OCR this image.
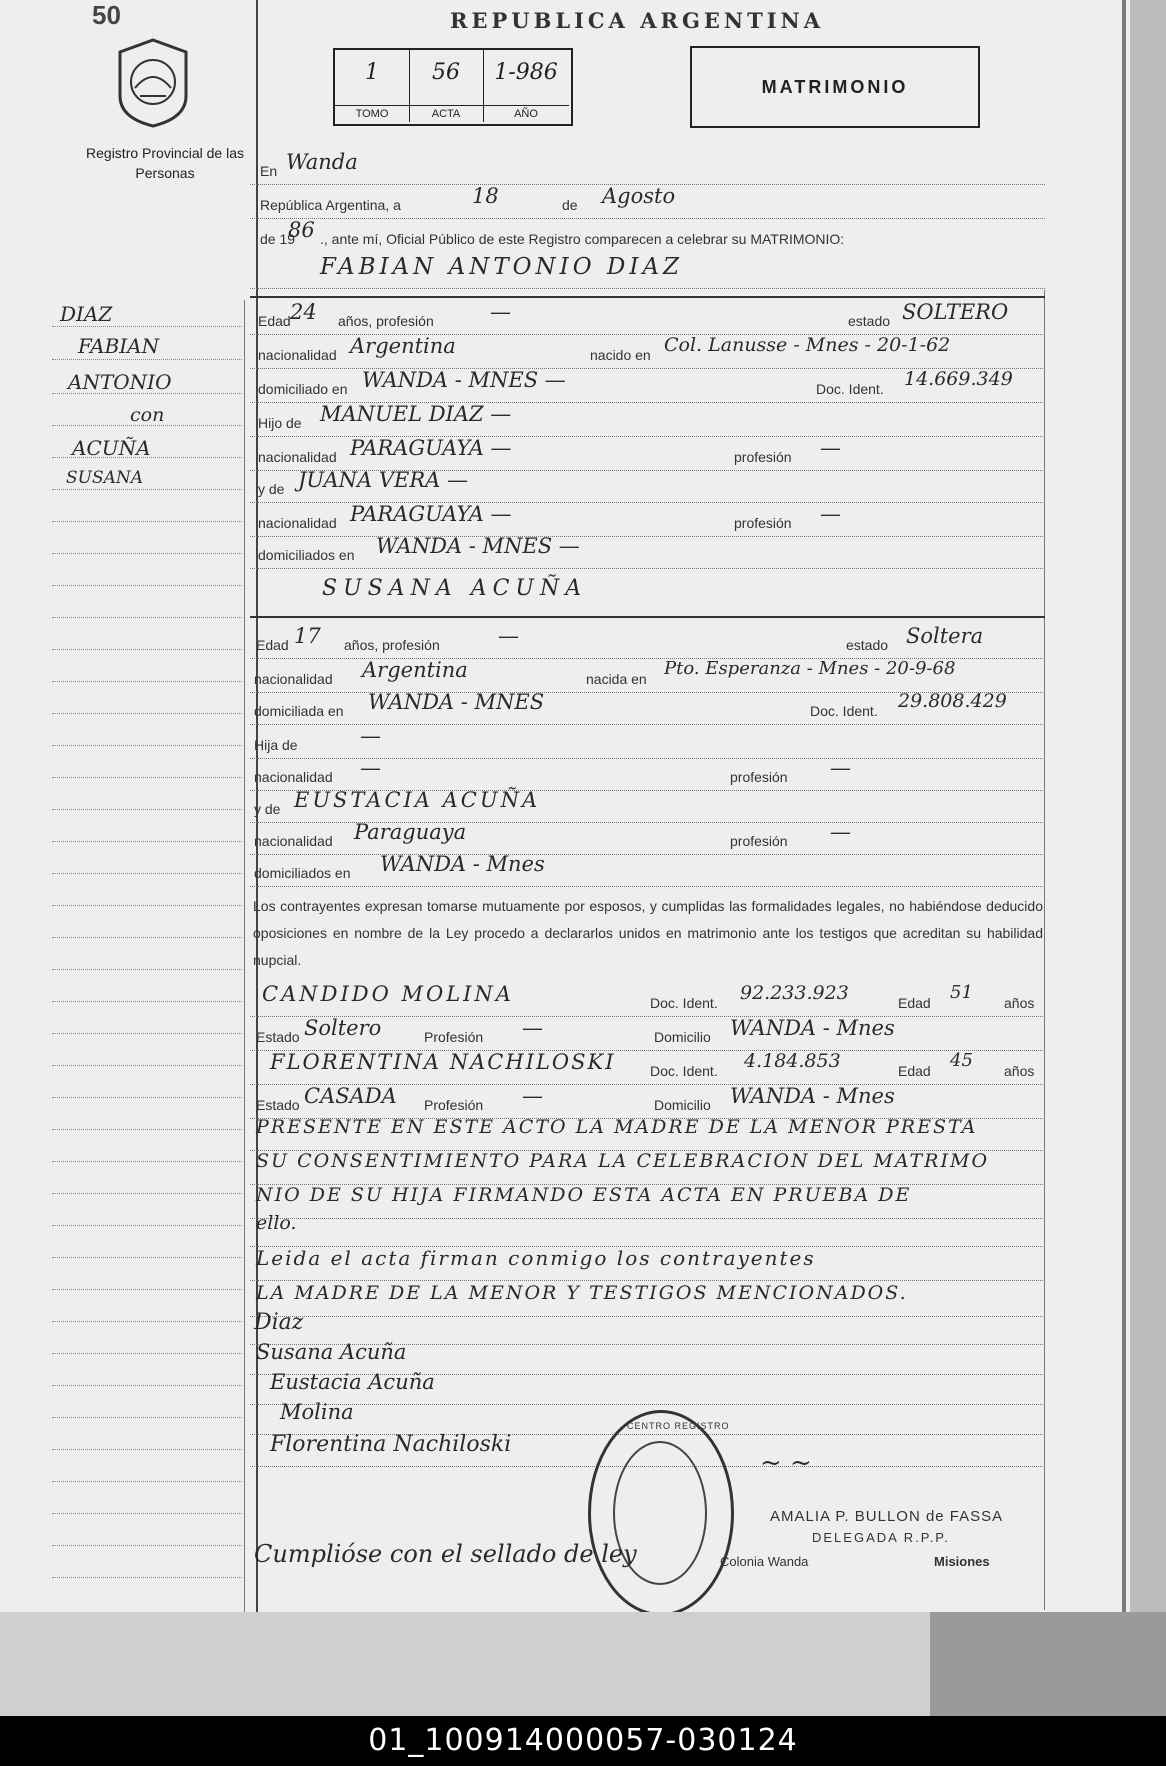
50
Registro Provincial de las Personas
REPUBLICA ARGENTINA
1
TOMO
56
ACTA
1-986
AÑO
MATRIMONIO
En Wanda
República Argentina, a	18	de Agosto
de 19
86 ., ante mí, Oficial Público de este Registro comparecen a celebrar su MATRIMONIO:
FABIAN ANTONIO DIAZ
DIAZ
FABIAN
ANTONIO
con
ACUÑA
SUSANA
Edad 24 años, profesión	—	estado SOLTERO
nacionalidad Argentina	nacido en Col. Lanusse - Mnes - 20-1-62
domiciliado en WANDA - MNES —	Doc. Ident. 14.669.349
Hijo de MANUEL DIAZ —
nacionalidad PARAGUAYA —	profesión —
y de JUANA VERA —
nacionalidad PARAGUAYA —	profesión —
domiciliados en WANDA - MNES —
SUSANA ACUÑA
Edad 17 años, profesión	—	estado Soltera
nacionalidad Argentina	nacida en Pto. Esperanza - Mnes - 20-9-68
domiciliada en WANDA - MNES	Doc. Ident. 29.808.429
Hija de	—
nacionalidad —	profesión —
y de EUSTACIA ACUÑA
nacionalidad Paraguaya	profesión —
domiciliados en WANDA - Mnes
Los contrayentes expresan tomarse mutuamente por esposos, y cumplidas las formalidades legales, no habiéndose deducido oposiciones en nombre de la Ley procedo a declararlos unidos en matrimonio ante los testigos que acreditan su habilidad nupcial.
CANDIDO MOLINA	Doc. Ident. 92.233.923	Edad 51 años
Estado Soltero	Profesión —	Domicilio WANDA - Mnes
FLORENTINA NACHILOSKI Doc. Ident. 4.184.853	Edad 45 años
Estado CASADA Profesión —	Domicilio WANDA - Mnes
PRESENTE EN ESTE ACTO LA MADRE DE LA MENOR PRESTA
SU CONSENTIMIENTO PARA LA CELEBRACION DEL MATRIMO
NIO DE SU HIJA FIRMANDO ESTA ACTA EN PRUEBA DE
ello.
Leida el acta firman conmigo los contrayentes
LA MADRE DE LA MENOR Y TESTIGOS MENCIONADOS.
Diaz
Susana Acuña
Eustacia Acuña
Molina
Florentina Nachiloski
CENTRO REGISTRO
~ ~
AMALIA P. BULLON de FASSA
DELEGADA R.P.P.
Colonia Wanda	Misiones
Cumplióse con el sellado de ley
01_100914000057-030124
